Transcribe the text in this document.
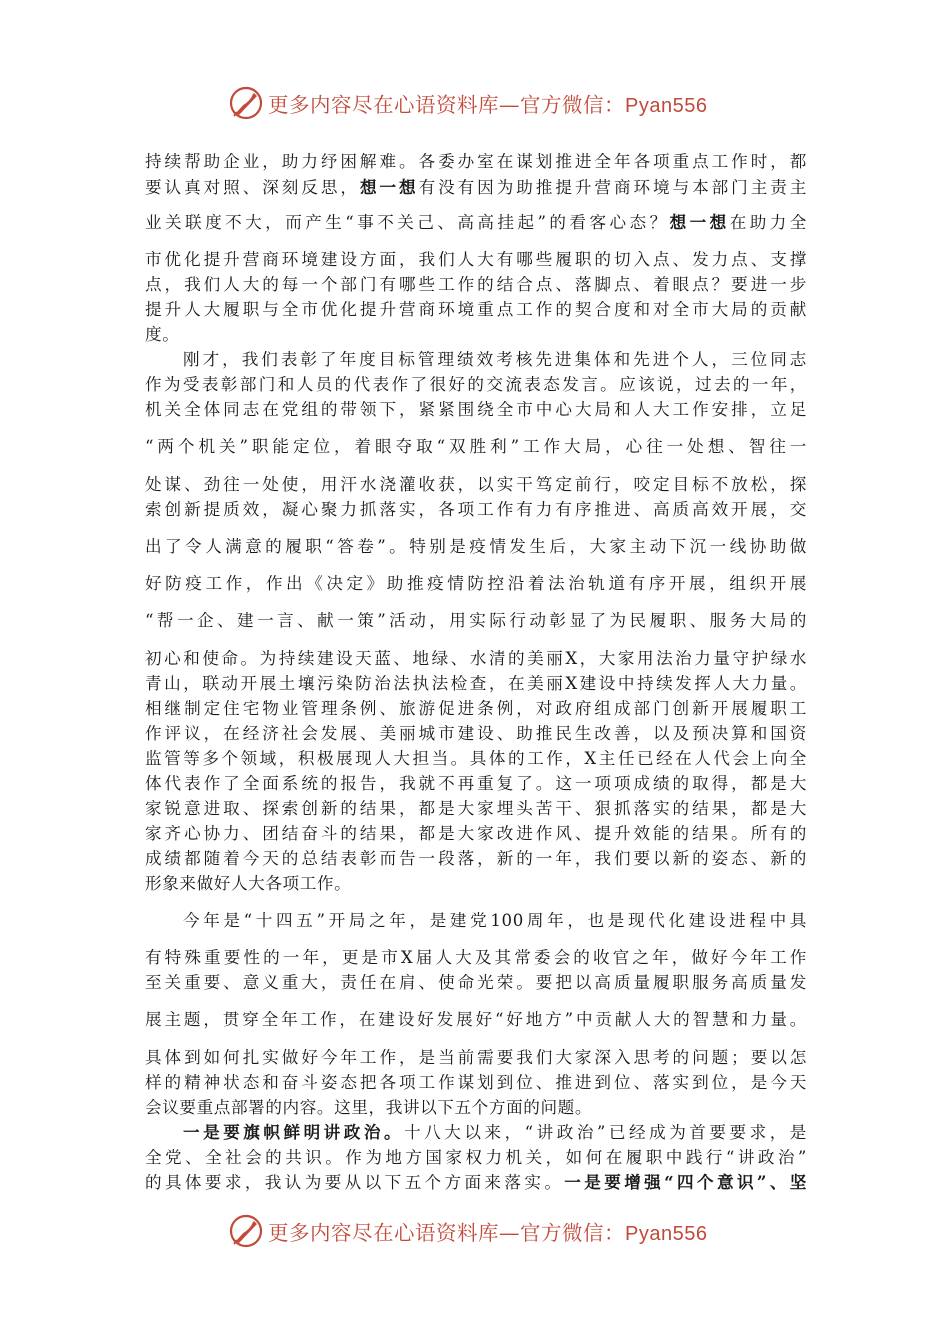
更多内容尽在心语资料库—官方微信：Pyan556
持续帮助企业，助力纾困解难。各委办室在谋划推进全年各项重点工作时，都
要认真对照、深刻反思，想一想有没有因为助推提升营商环境与本部门主责主
业关联度不大，而产生“事不关己、高高挂起”的看客心态？想一想在助力全
市优化提升营商环境建设方面，我们人大有哪些履职的切入点、发力点、支撑
点，我们人大的每一个部门有哪些工作的结合点、落脚点、着眼点？要进一步
提升人大履职与全市优化提升营商环境重点工作的契合度和对全市大局的贡献
度。
刚才，我们表彰了年度目标管理绩效考核先进集体和先进个人，三位同志
作为受表彰部门和人员的代表作了很好的交流表态发言。应该说，过去的一年，
机关全体同志在党组的带领下，紧紧围绕全市中心大局和人大工作安排，立足
“两个机关”职能定位，着眼夺取“双胜利”工作大局，心往一处想、智往一
处谋、劲往一处使，用汗水浇灌收获，以实干笃定前行，咬定目标不放松，探
索创新提质效，凝心聚力抓落实，各项工作有力有序推进、高质高效开展，交
出了令人满意的履职“答卷”。特别是疫情发生后，大家主动下沉一线协助做
好防疫工作，作出《决定》助推疫情防控沿着法治轨道有序开展，组织开展
“帮一企、建一言、献一策”活动，用实际行动彰显了为民履职、服务大局的
初心和使命。为持续建设天蓝、地绿、水清的美丽X，大家用法治力量守护绿水
青山，联动开展土壤污染防治法执法检查，在美丽X建设中持续发挥人大力量。
相继制定住宅物业管理条例、旅游促进条例，对政府组成部门创新开展履职工
作评议，在经济社会发展、美丽城市建设、助推民生改善，以及预决算和国资
监管等多个领域，积极展现人大担当。具体的工作，X主任已经在人代会上向全
体代表作了全面系统的报告，我就不再重复了。这一项项成绩的取得，都是大
家锐意进取、探索创新的结果，都是大家埋头苦干、狠抓落实的结果，都是大
家齐心协力、团结奋斗的结果，都是大家改进作风、提升效能的结果。所有的
成绩都随着今天的总结表彰而告一段落，新的一年，我们要以新的姿态、新的
形象来做好人大各项工作。
今年是“十四五”开局之年，是建党100周年，也是现代化建设进程中具
有特殊重要性的一年，更是市X届人大及其常委会的收官之年，做好今年工作
至关重要、意义重大，责任在肩、使命光荣。要把以高质量履职服务高质量发
展主题，贯穿全年工作，在建设好发展好“好地方”中贡献人大的智慧和力量。
具体到如何扎实做好今年工作，是当前需要我们大家深入思考的问题；要以怎
样的精神状态和奋斗姿态把各项工作谋划到位、推进到位、落实到位，是今天
会议要重点部署的内容。这里，我讲以下五个方面的问题。
一是要旗帜鲜明讲政治。十八大以来，“讲政治”已经成为首要要求，是
全党、全社会的共识。作为地方国家权力机关，如何在履职中践行“讲政治”
的具体要求，我认为要从以下五个方面来落实。一是要增强“四个意识”、坚
更多内容尽在心语资料库—官方微信：Pyan556
